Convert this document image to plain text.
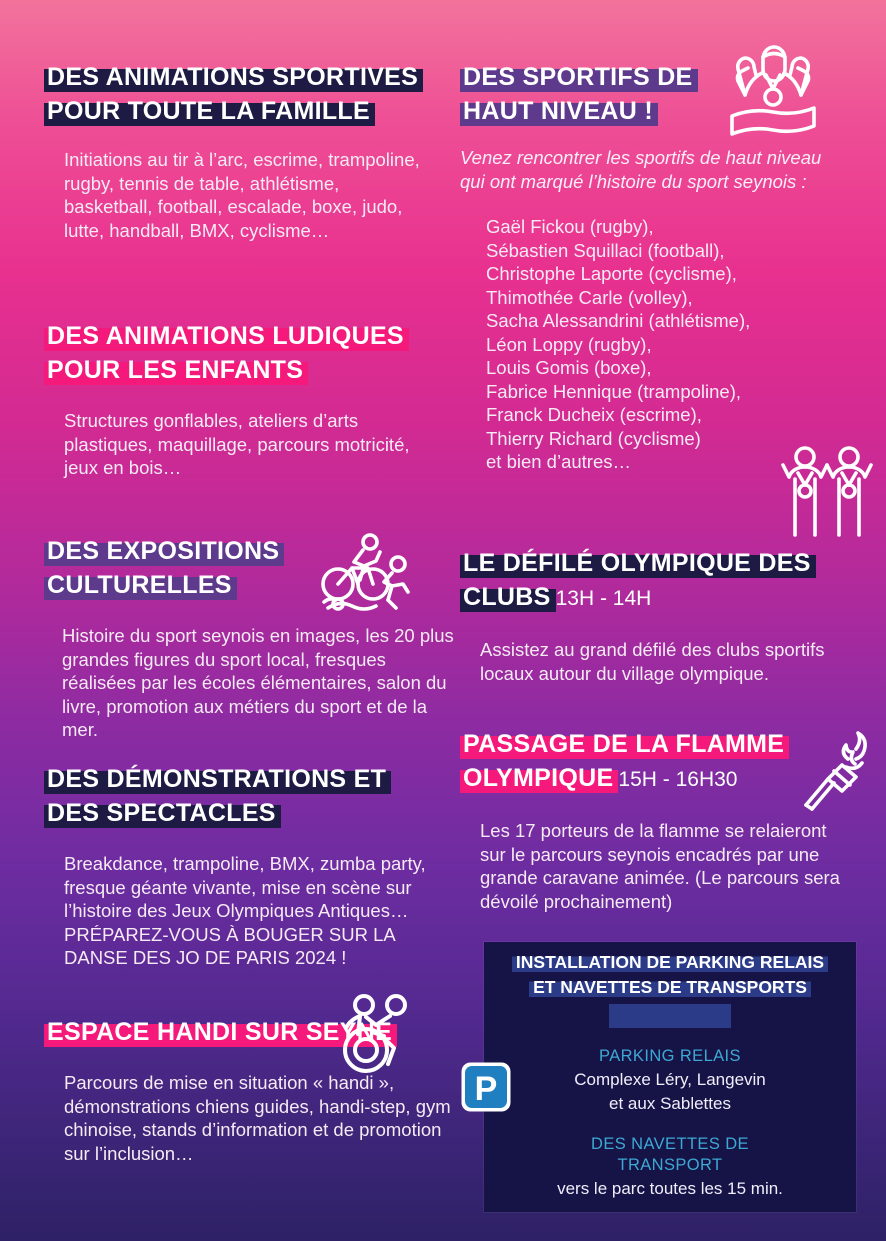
DES ANIMATIONS SPORTIVES POUR TOUTE LA FAMILLE

Initiations au tir à l’arc, escrime, trampoline, rugby, tennis de table, athlétisme, basketball, football, escalade, boxe, judo, lutte, handball, BMX, cyclisme…

DES ANIMATIONS LUDIQUES POUR LES ENFANTS

Structures gonflables, ateliers d’arts plastiques, maquillage, parcours motricité, jeux en bois…

DES EXPOSITIONS CULTURELLES

Histoire du sport seynois en images, les 20 plus grandes figures du sport local, fresques réalisées par les écoles élémentaires, salon du livre, promotion aux métiers du sport et de la mer.

DES DÉMONSTRATIONS ET DES SPECTACLES

Breakdance, trampoline, BMX, zumba party, fresque géante vivante, mise en scène sur l’histoire des Jeux Olympiques Antiques…

PRÉPAREZ-VOUS À BOUGER SUR LA DANSE DES JO DE PARIS 2024 !

ESPACE HANDI SUR SEYNE

Parcours de mise en situation « handi », démonstrations chiens guides, handi-step, gym chinoise, stands d’information et de promotion sur l’inclusion…

DES SPORTIFS DE HAUT NIVEAU !

Venez rencontrer les sportifs de haut niveau qui ont marqué l’histoire du sport seynois :

Gaël Fickou (rugby),
Sébastien Squillaci (football),
Christophe Laporte (cyclisme),
Thimothée Carle (volley),
Sacha Alessandrini (athlétisme),
Léon Loppy (rugby),
Louis Gomis (boxe),
Fabrice Hennique (trampoline),
Franck Ducheix (escrime),
Thierry Richard (cyclisme)
et bien d’autres…
LE DÉFILÉ OLYMPIQUE DES CLUBS 13H - 14H

Assistez au grand défilé des clubs sportifs locaux autour du village olympique.

PASSAGE DE LA FLAMME OLYMPIQUE 15H - 16H30

Les 17 porteurs de la flamme se relaieront sur le parcours seynois encadrés par une grande caravane animée. (Le parcours sera dévoilé prochainement)

INSTALLATION DE PARKING RELAIS
ET NAVETTES DE TRANSPORTS
PARKING RELAIS
Complexe Léry, Langevin
et aux Sablettes
DES NAVETTES DE
TRANSPORT
vers le parc toutes les 15 min.
P
